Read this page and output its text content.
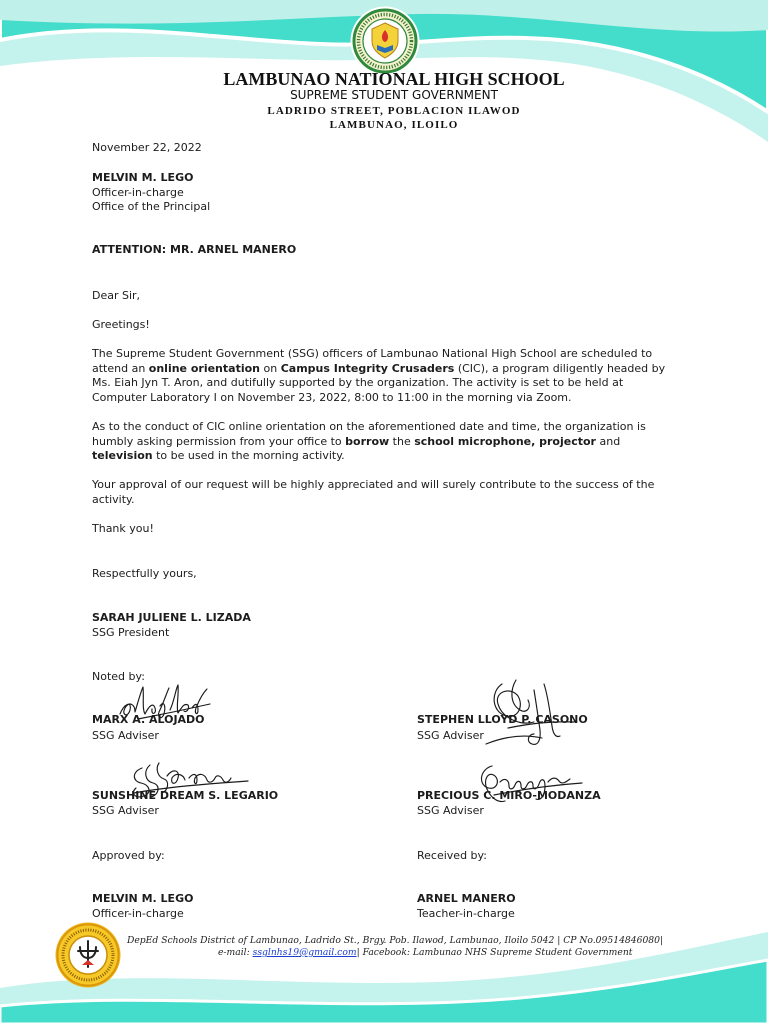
LAMBUNAO NATIONAL HIGH SCHOOL
SUPREME STUDENT GOVERNMENT
LADRIDO STREET, POBLACION ILAWOD
LAMBUNAO, ILOILO
November 22, 2022
MELVIN M. LEGO
Officer-in-charge
Office of the Principal
ATTENTION: MR. ARNEL MANERO
Dear Sir,
Greetings!
The Supreme Student Government (SSG) officers of Lambunao National High School are scheduled to
attend an online orientation on Campus Integrity Crusaders (CIC), a program diligently headed by
Ms. Eiah Jyn T. Aron, and dutifully supported by the organization. The activity is set to be held at
Computer Laboratory I on November 23, 2022, 8:00 to 11:00 in the morning via Zoom.
As to the conduct of CIC online orientation on the aforementioned date and time, the organization is
humbly asking permission from your office to borrow the school microphone, projector and
television to be used in the morning activity.
Your approval of our request will be highly appreciated and will surely contribute to the success of the
activity.
Thank you!
Respectfully yours,
SARAH JULIENE L. LIZADA
SSG President
Noted by:
MARX A. ALOJADO
SSG Adviser
STEPHEN LLOYD P. CASONO
SSG Adviser
SUNSHINE DREAM S. LEGARIO
SSG Adviser
PRECIOUS C. MIRO-MODANZA
SSG Adviser
Approved by:	Received by:
MELVIN M. LEGO
Officer-in-charge
ARNEL MANERO
Teacher-in-charge
DepEd Schools District of Lambunao, Ladrido St., Brgy. Pob. Ilawod, Lambunao, Iloilo 5042 | CP No.09514846080|
e-mail: ssglnhs19@gmail.com| Facebook: Lambunao NHS Supreme Student Government
